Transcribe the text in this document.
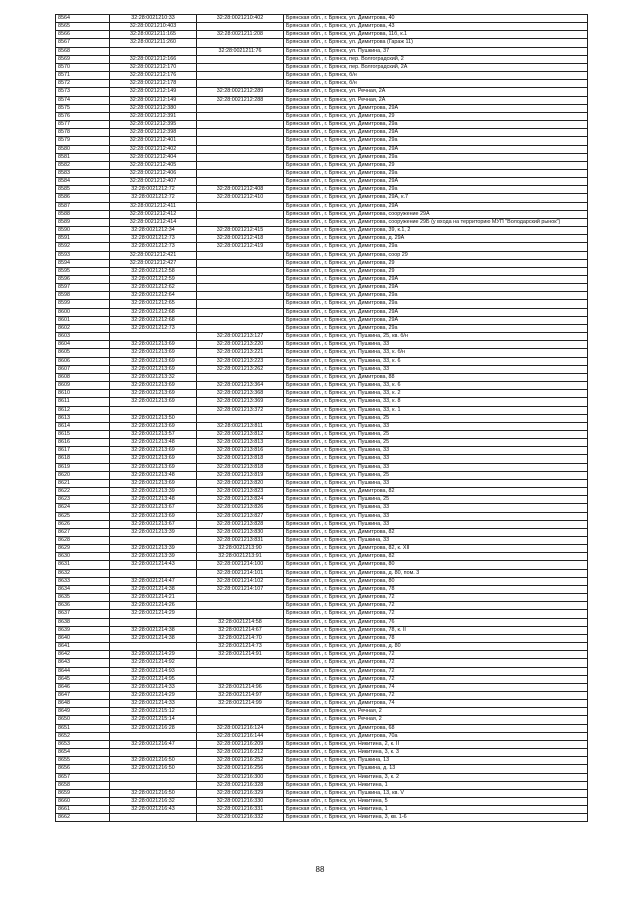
8564	32:28:0021210:33	32:28:0021210:402	Брянская обл., г. Брянск, ул. Димитрова, 40
8565	32:28:0021210:403		Брянская обл., г. Брянск, ул. Димитрова, 43
8566	32:28:0021211:165	32:28:0021211:208	Брянская обл., г. Брянск, ул. Димитрова, 11б, к.1
8567	32:28:0021211:260		Брянская обл., г. Брянск, ул. Димитрова (Гараж 11)
8568		32:28:0021211:76	Брянская обл., г. Брянск, ул. Пушкина, 37
8569	32:28:0021212:166		Брянская обл., г. Брянск, пер. Волгоградский, 2
8570	32:28:0021212:170		Брянская обл., г. Брянск, пер. Волгоградский, 2А
8571	32:28:0021212:176		Брянская обл., г. Брянск, б/н
8572	32:28:0021212:178		Брянская обл., г. Брянск, б/н
8573	32:28:0021212:149	32:28:0021212:289	Брянская обл., г. Брянск, ул. Речная, 2А
8574	32:28:0021212:149	32:28:0021212:288	Брянская обл., г. Брянск, ул. Речная, 2А
8575	32:28:0021212:380		Брянская обл., г. Брянск, ул. Димитрова, 29А
8576	32:28:0021212:391		Брянская обл., г. Брянск, ул. Димитрова, 29
8577	32:28:0021212:395		Брянская обл., г. Брянск, ул. Димитрова, 29а
8578	32:28:0021212:398		Брянская обл., г. Брянск, ул. Димитрова, 29А
8579	32:28:0021212:401		Брянская обл., г. Брянск, ул. Димитрова, 29а
8580	32:28:0021212:402		Брянская обл., г. Брянск, ул. Димитрова, 29А
8581	32:28:0021212:404		Брянская обл., г. Брянск, ул. Димитрова, 29а
8582	32:28:0021212:405		Брянская обл., г. Брянск, ул. Димитрова, 29
8583	32:28:0021212:406		Брянская обл., г. Брянск, ул. Димитрова, 29а
8584	32:28:0021212:407		Брянская обл., г. Брянск, ул. Димитрова, 29А
8585	32:28:0021212:72	32:28:0021212:408	Брянская обл., г. Брянск, ул. Димитрова, 29а
8586	32:28:0021212:72	32:28:0021212:410	Брянская обл., г. Брянск, ул. Димитрова, 29А, к.7
8587	32:28:0021212:411		Брянская обл., г. Брянск, ул. Димитрова, 29А
8588	32:28:0021212:412		Брянская обл., г. Брянск, ул. Димитрова, сооружение 29А
8589	32:28:0021212:414		Брянская обл., г. Брянск, ул. Димитрова, сооружение 29Б (у входа на территорию МУП "Володарский рынок")
8590	32:28:0021212:34	32:28:0021212:415	Брянская обл., г. Брянск, ул. Димитрова, 39, к.1, 2
8591	32:28:0021212:73	32:28:0021212:418	Брянская обл., г. Брянск, ул. Димитрова, д. 29А
8592	32:28:0021212:73	32:28:0021212:419	Брянская обл., г. Брянск, ул. Димитрова, 29а
8593	32:28:0021212:421		Брянская обл., г. Брянск, ул. Димитрова, соор 29
8594	32:28:0021212:427		Брянская обл., г. Брянск, ул. Димитрова, 29
8595	32:28:0021212:58		Брянская обл., г. Брянск, ул. Димитрова, 29
8596	32:28:0021212:59		Брянская обл., г. Брянск, ул. Димитрова, 29А
8597	32:28:0021212:62		Брянская обл., г. Брянск, ул. Димитрова, 29А
8598	32:28:0021212:64		Брянская обл., г. Брянск, ул. Димитрова, 29а
8599	32:28:0021212:65		Брянская обл., г. Брянск, ул. Димитрова, 29а
8600	32:28:0021212:68		Брянская обл., г. Брянск, ул. Димитрова, 29А
8601	32:28:0021212:68		Брянская обл., г. Брянск, ул. Димитрова, 29А
8602	32:28:0021212:73		Брянская обл., г. Брянск, ул. Димитрова, 29а
8603		32:28:0021213:127	Брянская обл., г. Брянск, ул. Пушкина, 25, кв. б/н
8604	32:28:0021213:69	32:28:0021213:220	Брянская обл., г. Брянск, ул. Пушкина, 33
8605	32:28:0021213:69	32:28:0021213:221	Брянская обл., г. Брянск, ул. Пушкина, 33, к. б/н
8606	32:28:0021213:69	32:28:0021213:223	Брянская обл., г. Брянск, ул. Пушкина, 33, к. 6
8607	32:28:0021213:69	32:28:0021213:262	Брянская обл., г. Брянск, ул. Пушкина, 33
8608	32:28:0021213:32		Брянская обл., г. Брянск, ул. Димитрова, 88
8609	32:28:0021213:69	32:28:0021213:364	Брянская обл., г. Брянск, ул. Пушкина, 33, к. 6
8610	32:28:0021213:69	32:28:0021213:368	Брянская обл., г. Брянск, ул. Пушкина, 33, к. 2
8611	32:28:0021213:69	32:28:0021213:369	Брянская обл., г. Брянск, ул. Пушкина, 33, к. 8
8612		32:28:0021213:372	Брянская обл., г. Брянск, ул. Пушкина, 33, к. 1
8613	32:28:0021213:50		Брянская обл., г. Брянск, ул. Пушкина, 25
8614	32:28:0021213:69	32:28:0021213:811	Брянская обл., г. Брянск, ул. Пушкина, 33
8615	32:28:0021213:57	32:28:0021213:812	Брянская обл., г. Брянск, ул. Пушкина, 25
8616	32:28:0021213:48	32:28:0021213:813	Брянская обл., г. Брянск, ул. Пушкина, 25
8617	32:28:0021213:69	32:28:0021213:816	Брянская обл., г. Брянск, ул. Пушкина, 33
8618	32:28:0021213:69	32:28:0021213:818	Брянская обл., г. Брянск, ул. Пушкина, 33
8619	32:28:0021213:69	32:28:0021213:818	Брянская обл., г. Брянск, ул. Пушкина, 33
8620	32:28:0021213:48	32:28:0021213:819	Брянская обл., г. Брянск, ул. Пушкина, 25
8621	32:28:0021213:69	32:28:0021213:820	Брянская обл., г. Брянск, ул. Пушкина, 33
8622	32:28:0021213:39	32:28:0021213:823	Брянская обл., г. Брянск, ул. Димитрова, 82
8623	32:28:0021213:48	32:28:0021213:824	Брянская обл., г. Брянск, ул. Пушкина, 25
8624	32:28:0021213:67	32:28:0021213:826	Брянская обл., г. Брянск, ул. Пушкина, 33
8625	32:28:0021213:69	32:28:0021213:827	Брянская обл., г. Брянск, ул. Пушкина, 33
8626	32:28:0021213:67	32:28:0021213:828	Брянская обл., г. Брянск, ул. Пушкина, 33
8627	32:28:0021213:39	32:28:0021213:830	Брянская обл., г. Брянск, ул. Димитрова, 82
8628		32:28:0021213:831	Брянская обл., г. Брянск, ул. Пушкина, 33
8629	32:28:0021213:39	32:28:0021213:90	Брянская обл., г. Брянск, ул. Димитрова, 82, к. XII
8630	32:28:0021213:39	32:28:0021213:91	Брянская обл., г. Брянск, ул. Димитрова, 82
8631	32:28:0021214:43	32:28:0021214:100	Брянская обл., г. Брянск, ул. Димитрова, 80
8632		32:28:0021214:101	Брянская обл., г. Брянск, ул. Димитрова, д. 80, пом. 3
8633	32:28:0021214:47	32:28:0021214:102	Брянская обл., г. Брянск, ул. Димитрова, 80
8634	32:28:0021214:38	32:28:0021214:107	Брянская обл., г. Брянск, ул. Димитрова, 78
8635	32:28:0021214:21		Брянская обл., г. Брянск, ул. Димитрова, 72
8636	32:28:0021214:26		Брянская обл., г. Брянск, ул. Димитрова, 72
8637	32:28:0021214:29		Брянская обл., г. Брянск, ул. Димитрова, 72
8638		32:28:0021214:58	Брянская обл., г. Брянск, ул. Димитрова, 76
8639	32:28:0021214:38	32:28:0021214:67	Брянская обл., г. Брянск, ул. Димитрова, 78, к. II
8640	32:28:0021214:38	32:28:0021214:70	Брянская обл., г. Брянск, ул. Димитрова, 78
8641		32:28:0021214:73	Брянская обл., г. Брянск, ул. Димитрова, д. 80
8642	32:28:0021214:29	32:28:0021214:91	Брянская обл., г. Брянск, ул. Димитрова, 72
8643	32:28:0021214:92		Брянская обл., г. Брянск, ул. Димитрова, 72
8644	32:28:0021214:93		Брянская обл., г. Брянск, ул. Димитрова, 72
8645	32:28:0021214:95		Брянская обл., г. Брянск, ул. Димитрова, 72
8646	32:28:0021214:33	32:28:0021214:96	Брянская обл., г. Брянск, ул. Димитрова, 74
8647	32:28:0021214:29	32:28:0021214:97	Брянская обл., г. Брянск, ул. Димитрова, 72
8648	32:28:0021214:33	32:28:0021214:99	Брянская обл., г. Брянск, ул. Димитрова, 74
8649	32:28:0021215:12		Брянская обл., г. Брянск, ул. Речная, 2
8650	32:28:0021215:14		Брянская обл., г. Брянск, ул. Речная, 2
8651	32:28:0021216:28	32:28:0021216:124	Брянская обл., г. Брянск, ул. Димитрова, 68
8652		32:28:0021216:144	Брянская обл., г. Брянск, ул. Димитрова, 70а
8653	32:28:0021216:47	32:28:0021216:209	Брянская обл., г. Брянск, ул. Никитина, 2, к. II
8654		32:28:0021216:212	Брянская обл., г. Брянск, ул. Никитина, 3, к. 3
8655	32:28:0021216:50	32:28:0021216:252	Брянская обл., г. Брянск, ул. Пушкина, 13
8656	32:28:0021216:50	32:28:0021216:256	Брянская обл., г. Брянск, ул. Пушкина, д. 13
8657		32:28:0021216:300	Брянская обл., г. Брянск, ул. Никитина, 3, к. 2
8658		32:28:0021216:328	Брянская обл., г. Брянск, ул. Никитина, 1
8659	32:28:0021216:50	32:28:0021216:329	Брянская обл., г. Брянск, ул. Пушкина, 13, кв. V
8660	32:28:0021216:32	32:28:0021216:330	Брянская обл., г. Брянск, ул. Никитина, 5
8661	32:28:0021216:43	32:28:0021216:331	Брянская обл., г. Брянск, ул. Никитина, 1
8662		32:28:0021216:332	Брянская обл., г. Брянск, ул. Никитина, 3, кв. 1-6
88
